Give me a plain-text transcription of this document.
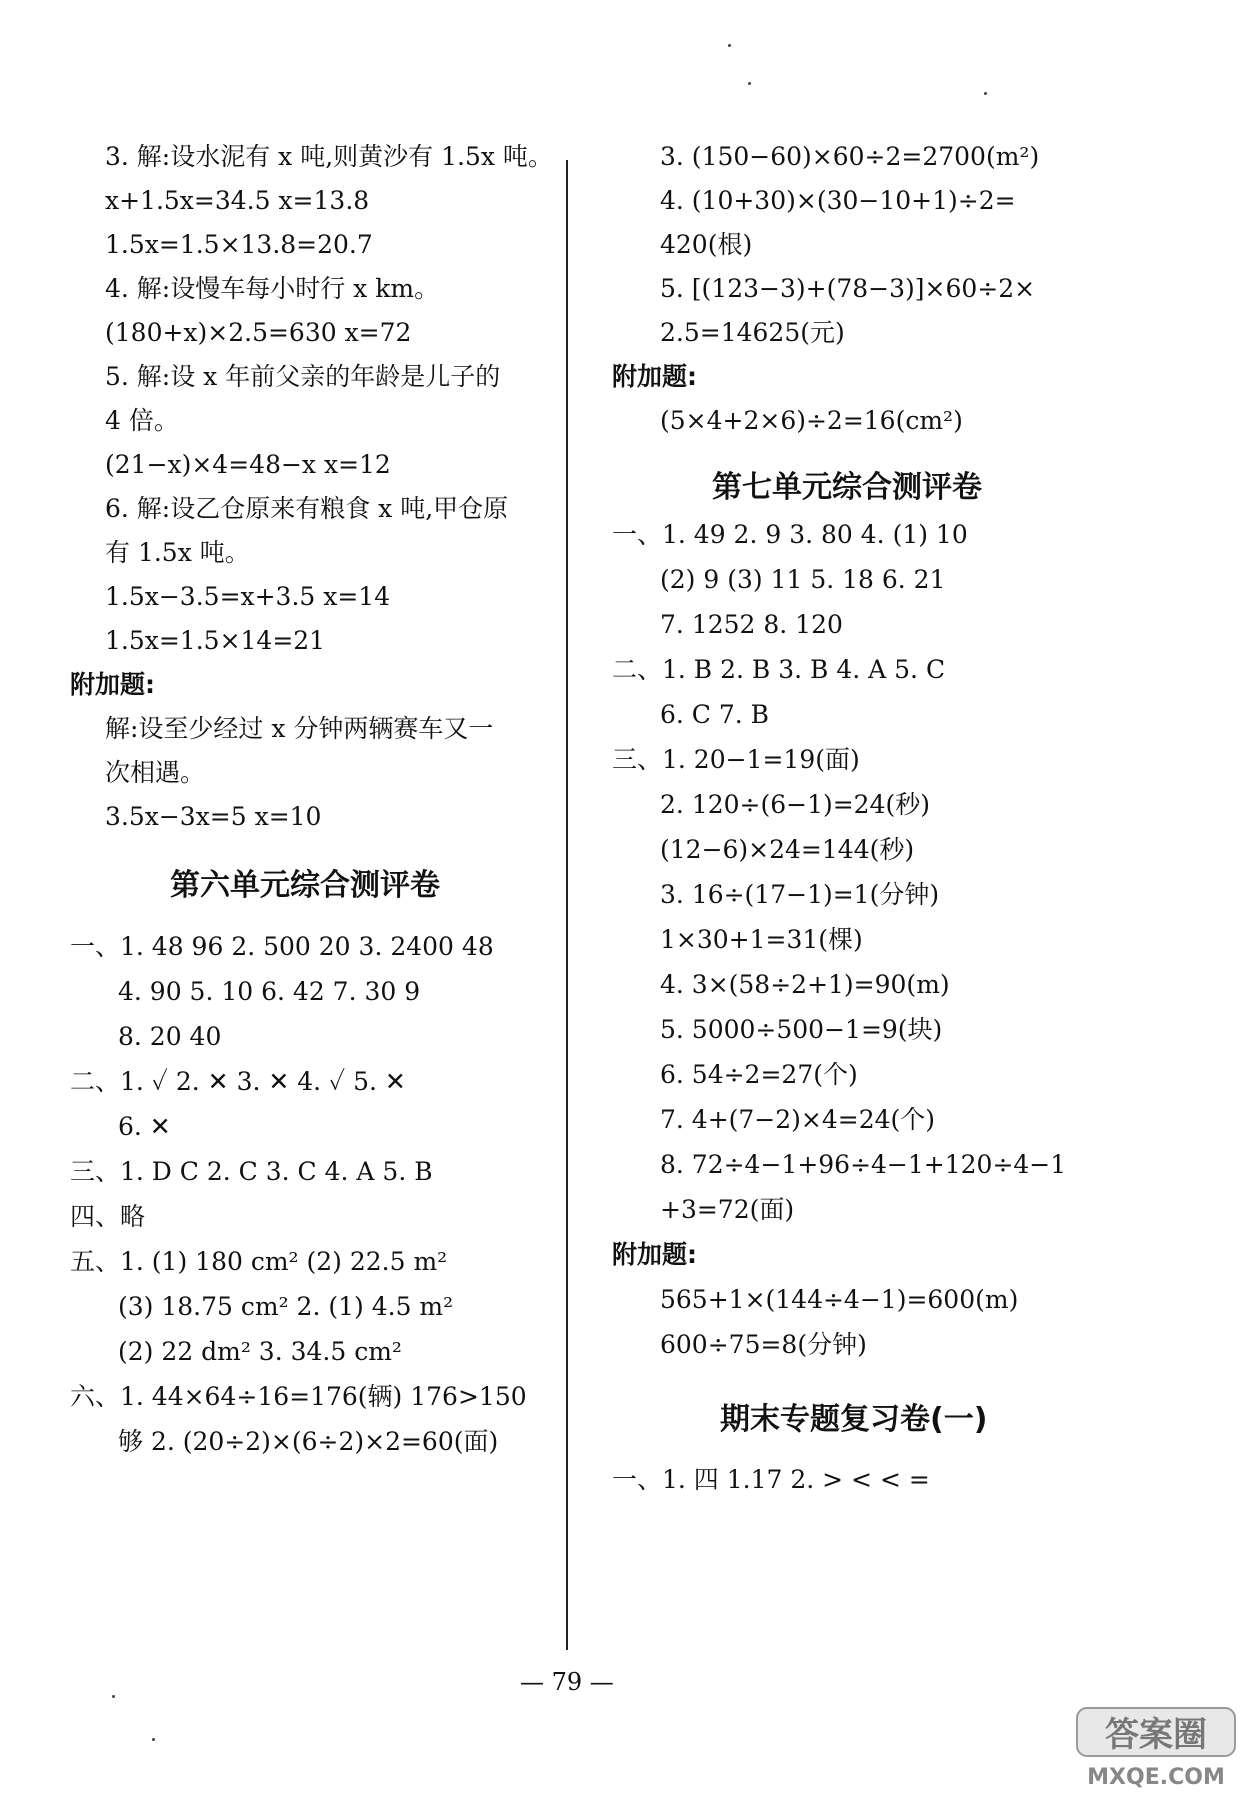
3. 解:设水泥有 x 吨,则黄沙有 1.5x 吨。
x+1.5x=34.5 x=13.8
1.5x=1.5×13.8=20.7
4. 解:设慢车每小时行 x km。
(180+x)×2.5=630 x=72
5. 解:设 x 年前父亲的年龄是儿子的
4 倍。
(21−x)×4=48−x x=12
6. 解:设乙仓原来有粮食 x 吨,甲仓原
有 1.5x 吨。
1.5x−3.5=x+3.5 x=14
1.5x=1.5×14=21
附加题:
解:设至少经过 x 分钟两辆赛车又一
次相遇。
3.5x−3x=5 x=10
第六单元综合测评卷
一、1. 48 96 2. 500 20 3. 2400 48
4. 90 5. 10 6. 42 7. 30 9
8. 20 40
二、1. ✓ 2. ✕ 3. ✕ 4. ✓ 5. ✕
6. ✕
三、1. D C 2. C 3. C 4. A 5. B
四、略
五、1. (1) 180 cm² (2) 22.5 m²
(3) 18.75 cm² 2. (1) 4.5 m²
(2) 22 dm² 3. 34.5 cm²
六、1. 44×64÷16=176(辆) 176>150
够 2. (20÷2)×(6÷2)×2=60(面)
3. (150−60)×60÷2=2700(m²)
4. (10+30)×(30−10+1)÷2=
420(根)
5. [(123−3)+(78−3)]×60÷2×
2.5=14625(元)
附加题:
(5×4+2×6)÷2=16(cm²)
第七单元综合测评卷
一、1. 49 2. 9 3. 80 4. (1) 10
(2) 9 (3) 11 5. 18 6. 21
7. 1252 8. 120
二、1. B 2. B 3. B 4. A 5. C
6. C 7. B
三、1. 20−1=19(面)
2. 120÷(6−1)=24(秒)
(12−6)×24=144(秒)
3. 16÷(17−1)=1(分钟)
1×30+1=31(棵)
4. 3×(58÷2+1)=90(m)
5. 5000÷500−1=9(块)
6. 54÷2=27(个)
7. 4+(7−2)×4=24(个)
8. 72÷4−1+96÷4−1+120÷4−1
+3=72(面)
附加题:
565+1×(144÷4−1)=600(m)
600÷75=8(分钟)
期末专题复习卷(一)
一、1. 四 1.17 2. > < < =
— 79 —
答案圈
MXQE.COM
